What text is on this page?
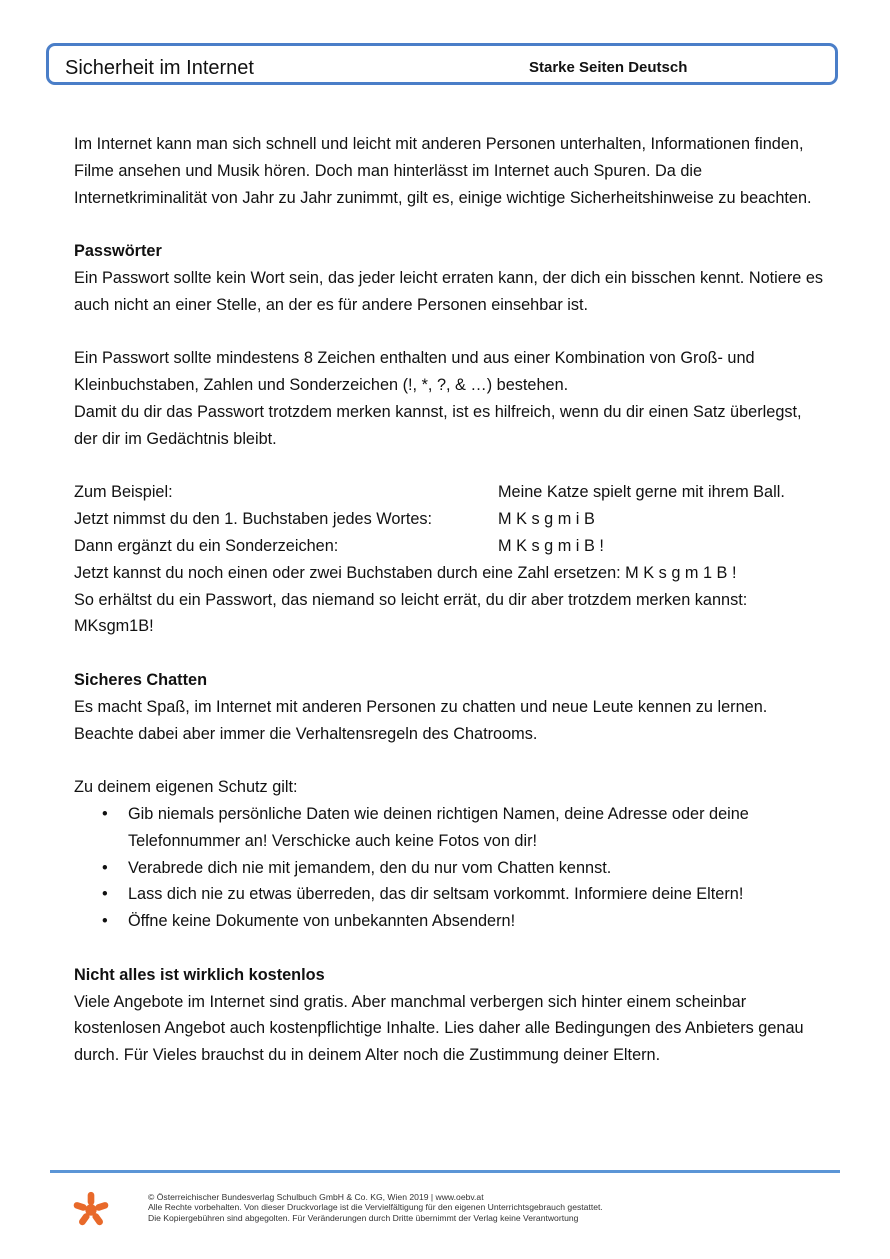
Sicherheit im Internet	Starke Seiten Deutsch

Im Internet kann man sich schnell und leicht mit anderen Personen unterhalten, Informationen finden, Filme ansehen und Musik hören. Doch man hinterlässt im Internet auch Spuren. Da die Internetkriminalität von Jahr zu Jahr zunimmt, gilt es, einige wichtige Sicherheitshinweise zu beachten.

Passwörter

Ein Passwort sollte kein Wort sein, das jeder leicht erraten kann, der dich ein bisschen kennt. Notiere es auch nicht an einer Stelle, an der es für andere Personen einsehbar ist.

Ein Passwort sollte mindestens 8 Zeichen enthalten und aus einer Kombination von Groß- und Kleinbuchstaben, Zahlen und Sonderzeichen (!, *, ?, & …) bestehen.

Damit du dir das Passwort trotzdem merken kannst, ist es hilfreich, wenn du dir einen Satz überlegst, der dir im Gedächtnis bleibt.

Zum Beispiel:	Meine Katze spielt gerne mit ihrem Ball.
Jetzt nimmst du den 1. Buchstaben jedes Wortes:	M K s g m i B
Dann ergänzt du ein Sonderzeichen:	M K s g m i B !

Jetzt kannst du noch einen oder zwei Buchstaben durch eine Zahl ersetzen: M K s g m 1 B !

So erhältst du ein Passwort, das niemand so leicht errät, du dir aber trotzdem merken kannst: MKsgm1B!

Sicheres Chatten

Es macht Spaß, im Internet mit anderen Personen zu chatten und neue Leute kennen zu lernen. Beachte dabei aber immer die Verhaltensregeln des Chatrooms.

Zu deinem eigenen Schutz gilt:

• Gib niemals persönliche Daten wie deinen richtigen Namen, deine Adresse oder deine Telefonnummer an! Verschicke auch keine Fotos von dir!
• Verabrede dich nie mit jemandem, den du nur vom Chatten kennst.
• Lass dich nie zu etwas überreden, das dir seltsam vorkommt. Informiere deine Eltern!
• Öffne keine Dokumente von unbekannten Absendern!

Nicht alles ist wirklich kostenlos

Viele Angebote im Internet sind gratis. Aber manchmal verbergen sich hinter einem scheinbar kostenlosen Angebot auch kostenpflichtige Inhalte. Lies daher alle Bedingungen des Anbieters genau durch. Für Vieles brauchst du in deinem Alter noch die Zustimmung deiner Eltern.

© Österreichischer Bundesverlag Schulbuch GmbH & Co. KG, Wien 2019 | www.oebv.at
Alle Rechte vorbehalten. Von dieser Druckvorlage ist die Vervielfältigung für den eigenen Unterrichtsgebrauch gestattet.
Die Kopiergebühren sind abgegolten. Für Veränderungen durch Dritte übernimmt der Verlag keine Verantwortung
